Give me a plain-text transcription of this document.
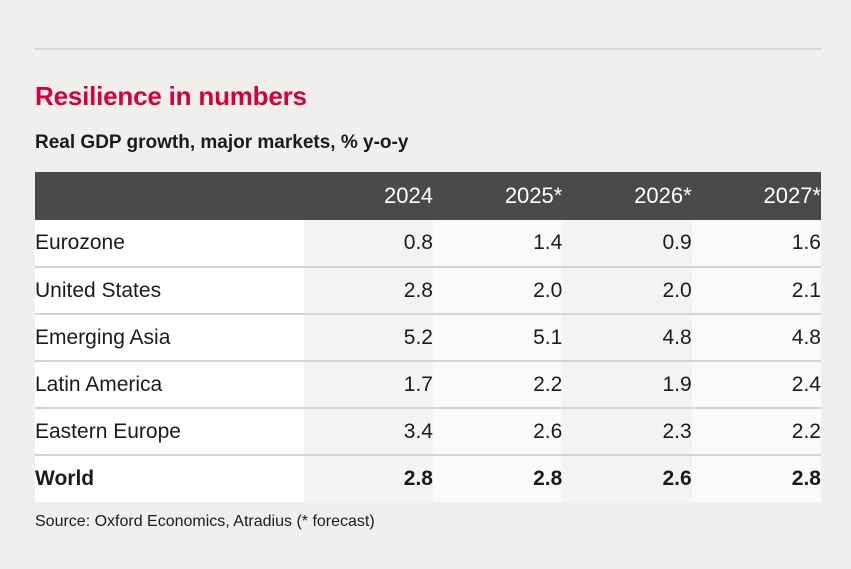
Resilience in numbers
Real GDP growth, major markets, % y-o-y
	2024	2025*	2026*	2027*
Eurozone	0.8	1.4	0.9	1.6
United States	2.8	2.0	2.0	2.1
Emerging Asia	5.2	5.1	4.8	4.8
Latin America	1.7	2.2	1.9	2.4
Eastern Europe	3.4	2.6	2.3	2.2
World	2.8	2.8	2.6	2.8
Source: Oxford Economics, Atradius (* forecast)
